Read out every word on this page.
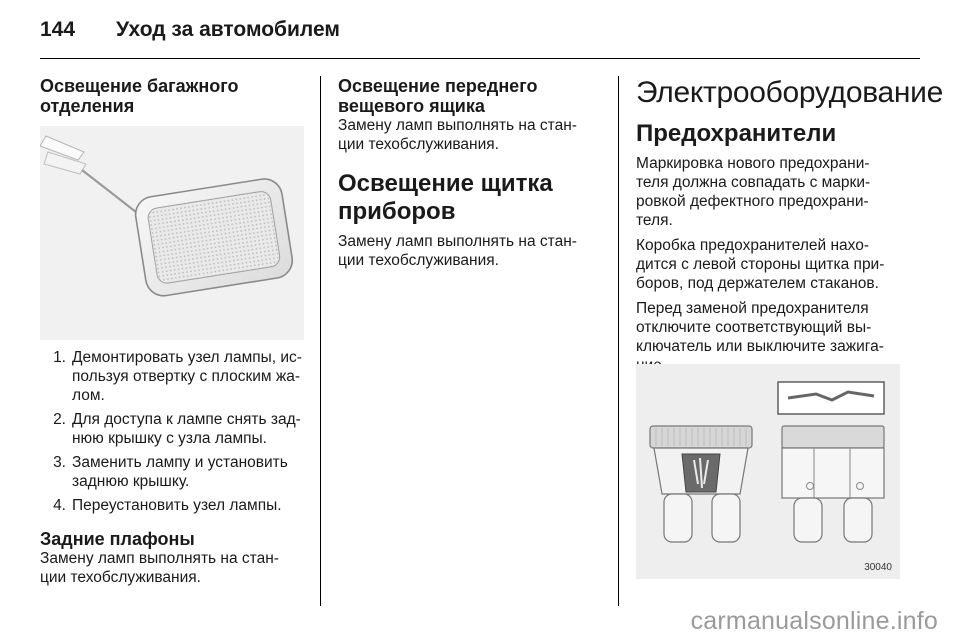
144 Уход за автомобилем
Освещение багажного отделения
1. Демонтировать узел лампы, ис-пользуя отвертку с плоским жа-лом.
2. Для доступа к лампе снять зад-нюю крышку с узла лампы.
3. Заменить лампу и установить заднюю крышку.
4. Переустановить узел лампы.
Задние плафоны

Замену ламп выполнять на стан-ции техобслуживания.

Освещение переднего вещевого ящика

Замену ламп выполнять на стан-ции техобслуживания.

Освещение щитка приборов

Замену ламп выполнять на стан-ции техобслуживания.

Электрооборудование
Предохранители

Маркировка нового предохрани-теля должна совпадать с марки-ровкой дефектного предохрани-теля.

Коробка предохранителей нахо-дится с левой стороны щитка при-боров, под держателем стаканов.

Перед заменой предохранителя отключите соответствующий вы-ключатель или выключите зажига-

30040
carmanualsonline.info
